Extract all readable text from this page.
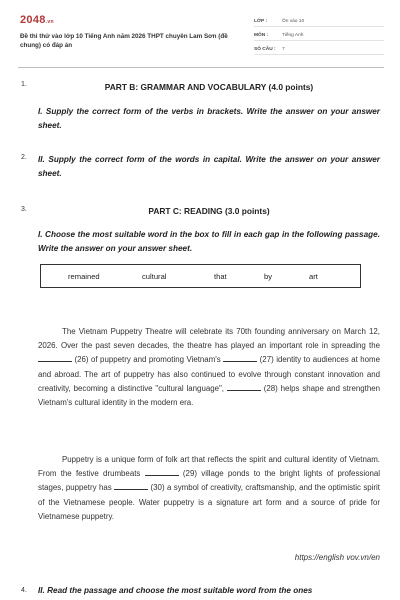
2048.vn
Đề thi thử vào lớp 10 Tiếng Anh năm 2026 THPT chuyên Lam Sơn (đề chung) có đáp án
LỚP :	Ôn vào 10
MÔN :	Tiếng Anh
SỐ CÂU :	7
1.	PART B: GRAMMAR AND VOCABULARY (4.0 points)
I. Supply the correct form of the verbs in brackets. Write the answer on your answer sheet.
2. II. Supply the correct form of the words in capital. Write the answer on your answer sheet.
3.	PART C: READING (3.0 points)
I. Choose the most suitable word in the box to fill in each gap in the following passage. Write the answer on your answer sheet.
remained	cultural	that	by	art
The Vietnam Puppetry Theatre will celebrate its 70th founding anniversary on March 12, 2026. Over the past seven decades, the theatre has played an important role in spreading the  (26) of puppetry and promoting Vietnam's	(27) identity to audiences at home and abroad. The art of puppetry has also continued to evolve through constant innovation and creativity, becoming a distinctive "cultural language",	(28) helps shape and strengthen Vietnam's cultural identity in the modern era.
Puppetry is a unique form of folk art that reflects the spirit and cultural identity of Vietnam. From the festive drumbeats	(29) village ponds to the bright lights of professional stages, puppetry has	(30) a symbol of creativity, craftsmanship, and the optimistic spirit of the Vietnamese people. Water puppetry is a signature art form and a source of pride for Vietnamese puppetry.
https://english vov.vn/en
4. II. Read the passage and choose the most suitable word from the ones
